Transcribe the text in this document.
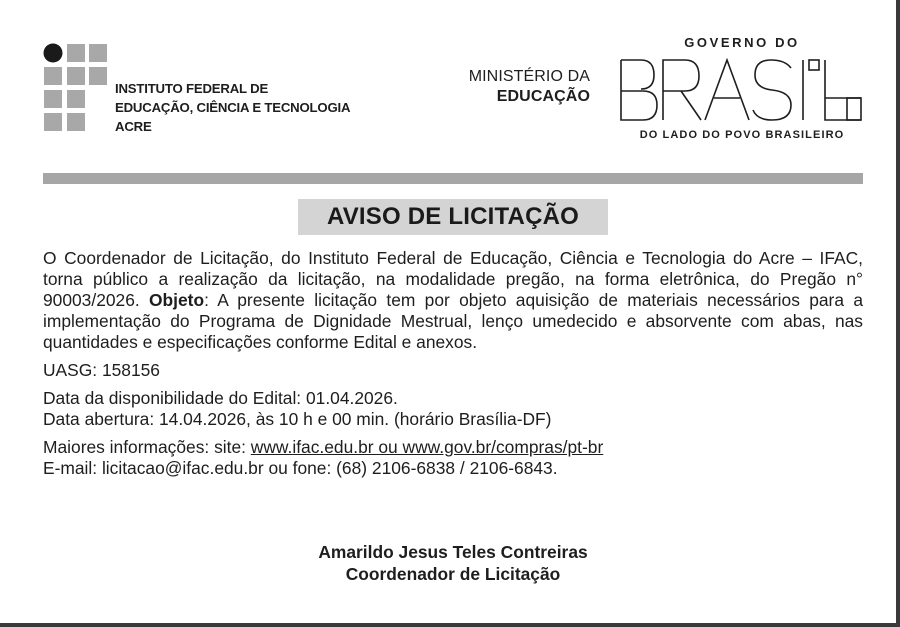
INSTITUTO FEDERAL DE
EDUCAÇÃO, CIÊNCIA E TECNOLOGIA
ACRE
MINISTÉRIO DA
EDUCAÇÃO
GOVERNO DO
DO LADO DO POVO BRASILEIRO
AVISO DE LICITAÇÃO

O Coordenador de Licitação, do Instituto Federal de Educação, Ciência e Tecnologia do Acre – IFAC, torna público a realização da licitação, na modalidade pregão, na forma eletrônica, do Pregão n° 90003/2026. Objeto: A presente licitação tem por objeto aquisição de materiais necessários para a implementação do Programa de Dignidade Mestrual, lenço umedecido e absorvente com abas, nas quantidades e especificações conforme Edital e anexos.

UASG: 158156

Data da disponibilidade do Edital: 01.04.2026.

Data abertura: 14.04.2026, às 10 h e 00 min. (horário Brasília-DF)

Maiores informações: site: www.ifac.edu.br ou www.gov.br/compras/pt-br

E-mail: licitacao@ifac.edu.br ou fone: (68) 2106-6838 / 2106-6843.

Amarildo Jesus Teles Contreiras
Coordenador de Licitação
